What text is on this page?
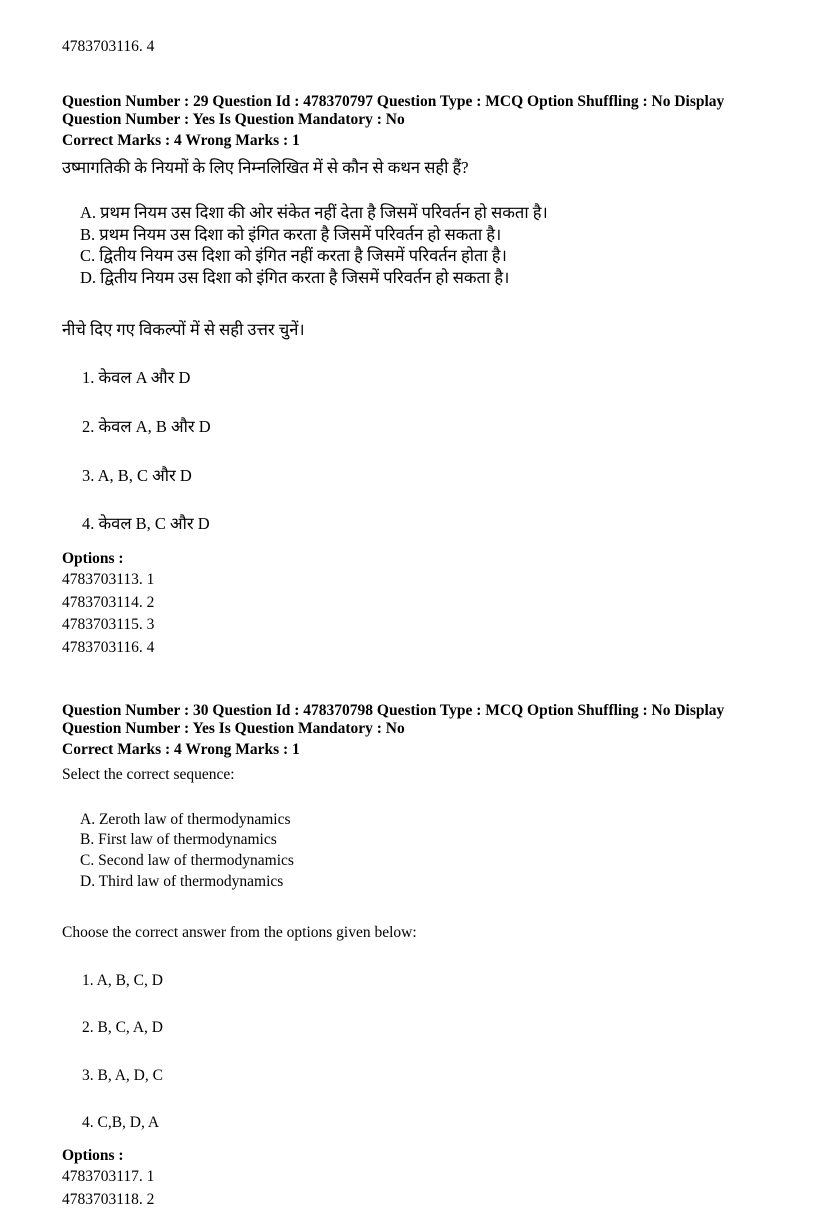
4783703116. 4

Question Number : 29 Question Id : 478370797 Question Type : MCQ Option Shuffling : No Display Question Number : Yes Is Question Mandatory : No

Correct Marks : 4 Wrong Marks : 1

उष्मागतिकी के नियमों के लिए निम्नलिखित में से कौन से कथन सही हैं?

A. प्रथम नियम उस दिशा की ओर संकेत नहीं देता है जिसमें परिवर्तन हो सकता है।

B. प्रथम नियम उस दिशा को इंगित करता है जिसमें परिवर्तन हो सकता है।

C. द्वितीय नियम उस दिशा को इंगित नहीं करता है जिसमें परिवर्तन होता है।

D. द्वितीय नियम उस दिशा को इंगित करता है जिसमें परिवर्तन हो सकता है।

नीचे दिए गए विकल्पों में से सही उत्तर चुनें।

1. केवल A और D

2. केवल A, B और D

3. A, B, C और D

4. केवल B, C और D

Options :

4783703113. 1

4783703114. 2

4783703115. 3

4783703116. 4

Question Number : 30 Question Id : 478370798 Question Type : MCQ Option Shuffling : No Display Question Number : Yes Is Question Mandatory : No

Correct Marks : 4 Wrong Marks : 1

Select the correct sequence:

A. Zeroth law of thermodynamics

B. First law of thermodynamics

C. Second law of thermodynamics

D. Third law of thermodynamics

Choose the correct answer from the options given below:

1. A, B, C, D

2. B, C, A, D

3. B, A, D, C

4. C,B, D, A

Options :

4783703117. 1

4783703118. 2
